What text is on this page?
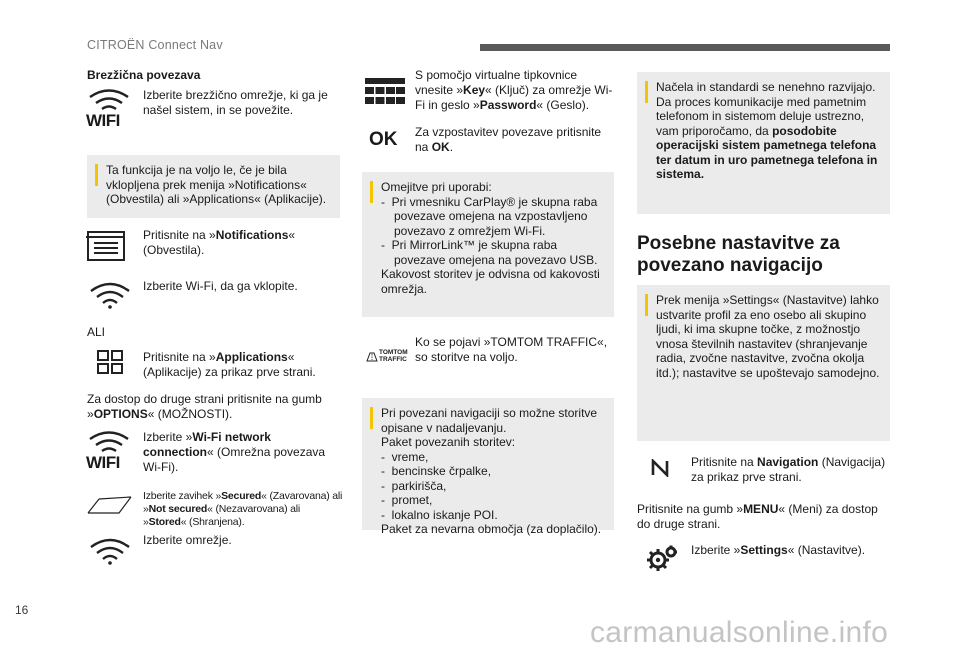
CITROËN Connect Nav
Brezžična povezava
WIFI
Izberite brezžično omrežje, ki ga je našel sistem, in se povežite.
Ta funkcija je na voljo le, če je bila vklopljena prek menija »Notifications« (Obvestila) ali »Applications« (Aplikacije).
Pritisnite na »Notifications« (Obvestila).
Izberite Wi-Fi, da ga vklopite.
ALI
Pritisnite na »Applications« (Aplikacije) za prikaz prve strani.
Za dostop do druge strani pritisnite na gumb »OPTIONS« (MOŽNOSTI).
WIFI
Izberite »Wi-Fi network connection« (Omrežna povezava Wi-Fi).
Izberite zavihek »Secured« (Zavarovana) ali »Not secured« (Nezavarovana) ali »Stored« (Shranjena).
Izberite omrežje.
S pomočjo virtualne tipkovnice vnesite »Key« (Ključ) za omrežje Wi-Fi in geslo »Password« (Geslo).
OK Za vzpostavitev povezave pritisnite na OK.
Omejitve pri uporabi:
-  Pri vmesniku CarPlay® je skupna raba povezave omejena na vzpostavljeno povezavo z omrežjem Wi-Fi.
-  Pri MirrorLink™ je skupna raba povezave omejena na povezavo USB.
Kakovost storitev je odvisna od kakovosti omrežja.
TOMTOM
TRAFFIC
Ko se pojavi »TOMTOM TRAFFIC«, so storitve na voljo.
Pri povezani navigaciji so možne storitve opisane v nadaljevanju.
Paket povezanih storitev:
-  vreme,
-  bencinske črpalke,
-  parkirišča,
-  promet,
-  lokalno iskanje POI.
Paket za nevarna območja (za doplačilo).
Načela in standardi se nenehno razvijajo. Da proces komunikacije med pametnim telefonom in sistemom deluje ustrezno, vam priporočamo, da posodobite operacijski sistem pametnega telefona ter datum in uro pametnega telefona in sistema.
Posebne nastavitve za povezano navigacijo
Prek menija »Settings« (Nastavitve) lahko ustvarite profil za eno osebo ali skupino ljudi, ki ima skupne točke, z možnostjo vnosa številnih nastavitev (shranjevanje radia, zvočne nastavitve, zvočna okolja itd.); nastavitve se upoštevajo samodejno.
Pritisnite na Navigation (Navigacija) za prikaz prve strani.
Pritisnite na gumb »MENU« (Meni) za dostop do druge strani.
Izberite »Settings« (Nastavitve).
16
carmanualsonline.info
